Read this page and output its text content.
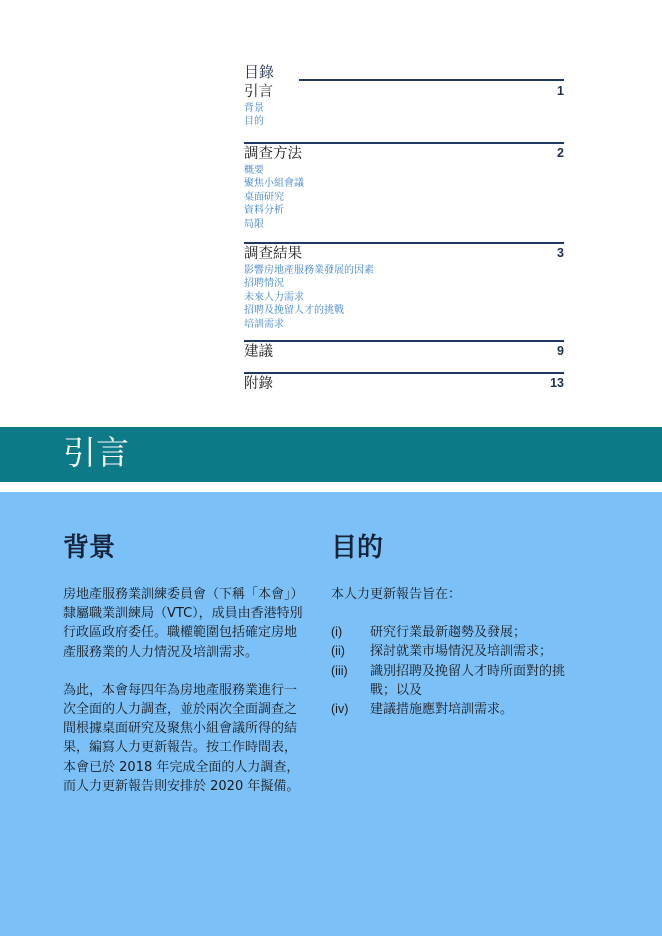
目錄
引言	1
背景
目的
調查方法	2
概要
聚焦小組會議
桌面研究
資料分析
局限
調查結果	3
影響房地產服務業發展的因素
招聘情況
未來人力需求
招聘及挽留人才的挑戰
培訓需求
建議	9
附錄	13
引言
背景

房地產服務業訓練委員會（下稱「本會」）隸屬職業訓練局（VTC），成員由香港特別行政區政府委任。職權範圍包括確定房地產服務業的人力情況及培訓需求。

為此，本會每四年為房地產服務業進行一次全面的人力調查，並於兩次全面調查之間根據桌面研究及聚焦小組會議所得的結果，編寫人力更新報告。按工作時間表，本會已於 2018 年完成全面的人力調查，而人力更新報告則安排於 2020 年擬備。

目的
本人力更新報告旨在：
(i)	研究行業最新趨勢及發展；
(ii)	探討就業市場情況及培訓需求；
(iii)	識別招聘及挽留人才時所面對的挑戰；以及
(iv)	建議措施應對培訓需求。
